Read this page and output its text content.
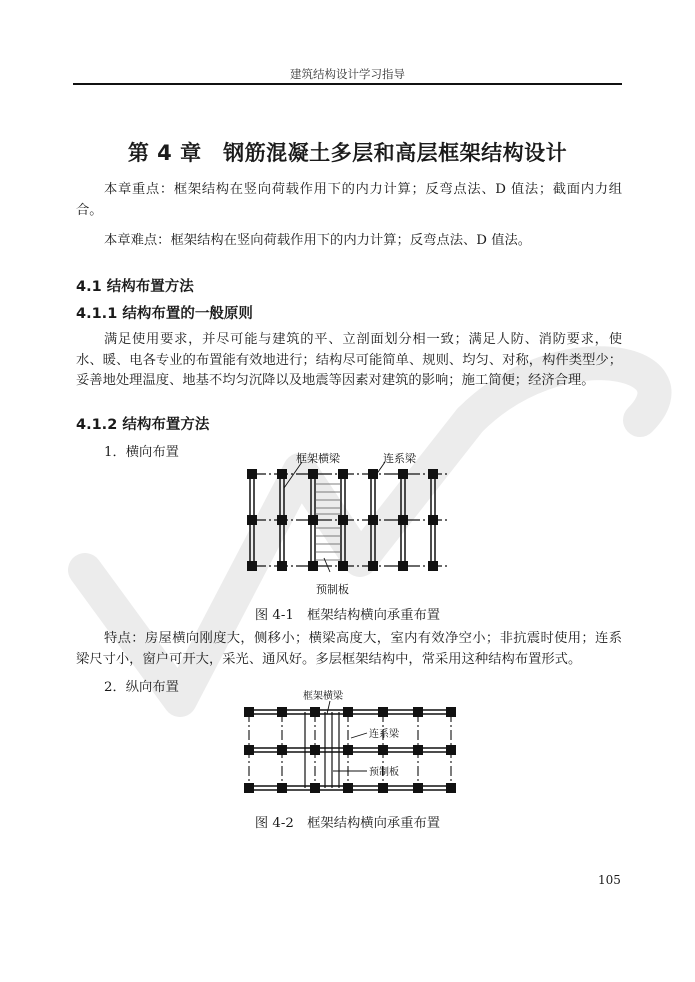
建筑结构设计学习指导
第 4 章　钢筋混凝土多层和高层框架结构设计
本章重点：框架结构在竖向荷载作用下的内力计算；反弯点法、D 值法；截面内力组合。
本章难点：框架结构在竖向荷载作用下的内力计算；反弯点法、D 值法。
4.1 结构布置方法
4.1.1 结构布置的一般原则
满足使用要求，并尽可能与建筑的平、立剖面划分相一致；满足人防、消防要求，使水、暖、电各专业的布置能有效地进行；结构尽可能简单、规则、均匀、对称，构件类型少；妥善地处理温度、地基不均匀沉降以及地震等因素对建筑的影响；施工简便；经济合理。
4.1.2 结构布置方法
1．横向布置	框架横梁	连系梁
预制板
图 4-1　框架结构横向承重布置
特点：房屋横向刚度大，侧移小；横梁高度大，室内有效净空小；非抗震时使用；连系梁尺寸小，窗户可开大，采光、通风好。多层框架结构中，常采用这种结构布置形式。
2．纵向布置
框架横梁
连系梁
预制板
图 4-2　框架结构横向承重布置
105
